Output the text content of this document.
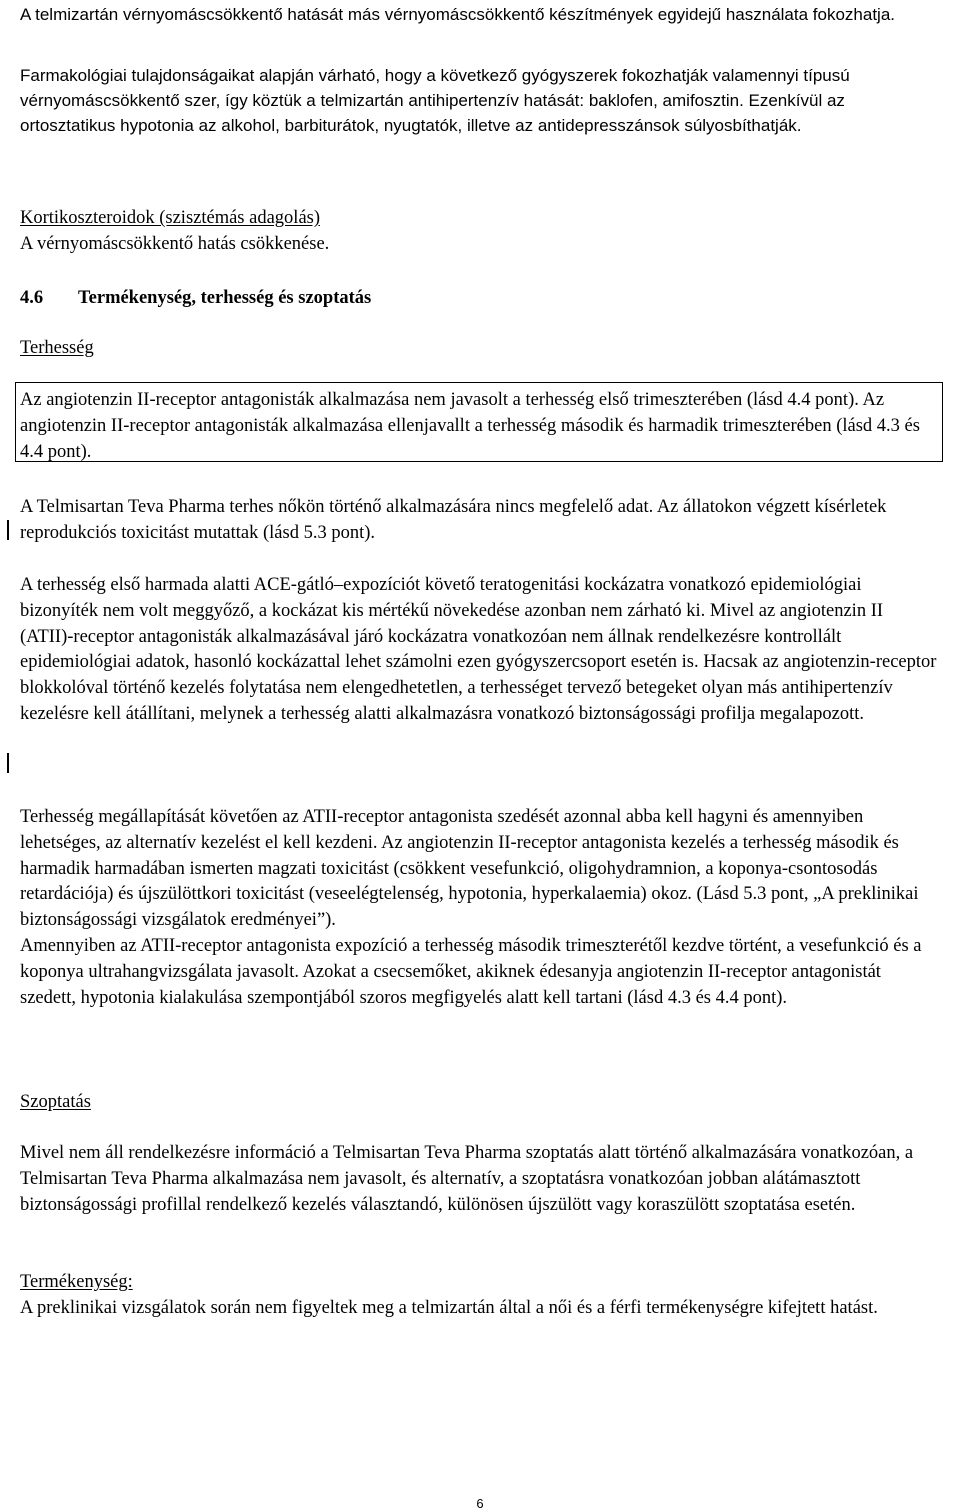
A telmizartán vérnyomáscsökkentő hatását más vérnyomáscsökkentő készítmények egyidejű használata fokozhatja.

Farmakológiai tulajdonságaikat alapján várható, hogy a következő gyógyszerek fokozhatják valamennyi típusú vérnyomáscsökkentő szer, így köztük a telmizartán antihipertenzív hatását: baklofen, amifosztin. Ezenkívül az ortosztatikus hypotonia az alkohol, barbiturátok, nyugtatók, illetve az antidepresszánsok súlyosbíthatják.

Kortikoszteroidok (szisztémás adagolás)

A vérnyomáscsökkentő hatás csökkenése.

4.6 Termékenység, terhesség és szoptatás

Terhesség

Az angiotenzin II-receptor antagonisták alkalmazása nem javasolt a terhesség első trimeszterében (lásd 4.4 pont). Az angiotenzin II-receptor antagonisták alkalmazása ellenjavallt a terhesség második és harmadik trimeszterében (lásd 4.3 és 4.4 pont).

A Telmisartan Teva Pharma terhes nőkön történő alkalmazására nincs megfelelő adat. Az állatokon végzett kísérletek reprodukciós toxicitást mutattak (lásd 5.3 pont).

A terhesség első harmada alatti ACE-gátló–expozíciót követő teratogenitási kockázatra vonatkozó epidemiológiai bizonyíték nem volt meggyőző, a kockázat kis mértékű növekedése azonban nem zárható ki. Mivel az angiotenzin II (ATII)-receptor antagonisták alkalmazásával járó kockázatra vonatkozóan nem állnak rendelkezésre kontrollált epidemiológiai adatok, hasonló kockázattal lehet számolni ezen gyógyszercsoport esetén is. Hacsak az angiotenzin-receptor blokkolóval történő kezelés folytatása nem elengedhetetlen, a terhességet tervező betegeket olyan más antihipertenzív kezelésre kell átállítani, melynek a terhesség alatti alkalmazásra vonatkozó biztonságossági profilja megalapozott.

Terhesség megállapítását követően az ATII-receptor antagonista szedését azonnal abba kell hagyni és amennyiben lehetséges, az alternatív kezelést el kell kezdeni. Az angiotenzin II-receptor antagonista kezelés a terhesség második és harmadik harmadában ismerten magzati toxicitást (csökkent vesefunkció, oligohydramnion, a koponya-csontosodás retardációja) és újszülöttkori toxicitást (veseelégtelenség, hypotonia, hyperkalaemia) okoz. (Lásd 5.3 pont, „A preklinikai biztonságossági vizsgálatok eredményei”).

Amennyiben az ATII-receptor antagonista expozíció a terhesség második trimeszterétől kezdve történt, a vesefunkció és a koponya ultrahangvizsgálata javasolt. Azokat a csecsemőket, akiknek édesanyja angiotenzin II-receptor antagonistát szedett, hypotonia kialakulása szempontjából szoros megfigyelés alatt kell tartani (lásd 4.3 és 4.4 pont).

Szoptatás

Mivel nem áll rendelkezésre információ a Telmisartan Teva Pharma szoptatás alatt történő alkalmazására vonatkozóan, a Telmisartan Teva Pharma alkalmazása nem javasolt, és alternatív, a szoptatásra vonatkozóan jobban alátámasztott biztonságossági profillal rendelkező kezelés választandó, különösen újszülött vagy koraszülött szoptatása esetén.

Termékenység:

A preklinikai vizsgálatok során nem figyeltek meg a telmizartán által a női és a férfi termékenységre kifejtett hatást.

6
